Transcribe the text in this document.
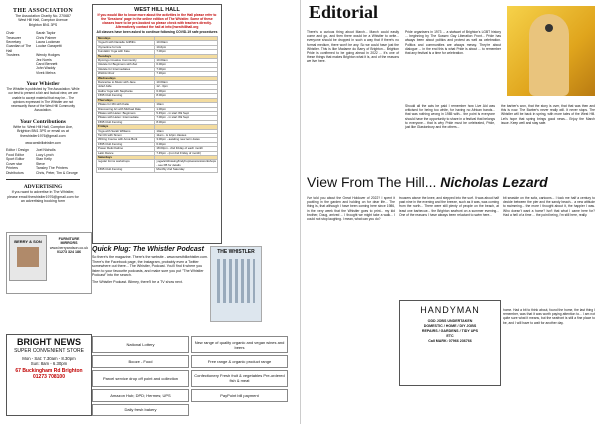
THE ASSOCIATION
The Association Charity No. 270687
West Hill Hall, Compton Avenue
Brighton BN1 3PS
Chair	Sarah Taylor
Treasurer	Chris Palmer
Secretary	Laura Lockman
Guardian of The Hall
Louise Garapetti
Trustees	Wendy Hodges
Jez Norris
Carol Bennett
John Waddy
Vivek Mehra
Your Whistler
The Whistler is published by The Association. While our best to present a fair and factual view, we are unable to accept material that may be... The opinions expressed in The Whistler are not necessarily those of the West Hill Community Association.
Your Contributions
Write to: West Hill Hall, Compton Ave, Brighton BN1 3PS or email us at thewhistler1976@gmail.com
www.westhillwhistler.com
Editor / Design	Joel Nicholls
Food Editor	Lucy Lynch
Sport Editor	Stan Kelly
Cover star	Steve
Printers	Tansley The Printers
Distributors	Chris, Peter, Tim & George
ADVERTISING
If you want to advertise in The Whistler, please email thewhistler1976@gmail.com for an advertising booking form
WEST HILL HALL
If you would like to know more about the activities in the Hall please refer to the 'Sessions' page in the online edition of The Whistler. Some of these classes have to be pre-booked so please check with teachers directly. Alternatively contact the hall at info@westhillhall.org
All classes have been asked to continue following COVID-19 safe procedures
Mondays	
Yoga-fit with Danielle Griffiths	10.00am
rhymetime for tots	10-6pm
Kundalini Yoga with Kate	7.00pm
Tuesdays	
Rpmingo Creative Community	10.00am
Ukulele for Beginners with Zac	6.00pm
Ukulele for Intermediates	7.00pm
WHCA Choir	7.30pm
Wednesdays	
Dancerise to Music with Jane	10.00am
Jolief Jolfe	12 - 3pm
Hatha Yoga with Stephanie	6.00pm
1595 Club Fencing	8.00pm
Thursdays	
Pilates for Mũ with Katie	10am
Discovering Art with Michael Dale	1.00pm
Pilates with Helen: Beginners	5.45pm - in start Wk Sept
Pilates with Helen: Intermediate	7.00pm - in start Wk Sept
1595 Club Fencing	8.00pm
Fridays	
Yoga with Sarah Williams	10am
Tai Chi with Simon	11am - & 12pm classes
Writing Course with Anna Burtt	3.00pm - awaiting new term dates
1595 Club Fencing	6.00pm
Power Reiki Kalimo	18.00pm - 2nd Friday of each month
Latin Dance	7.45pm - (not 2nd Friday of month)
Saturdays	
regular forms workshops	yoga/art/drawing/lindyhop/sessions/workshops - see FB for details
1595 Club Fencing	Monthly 2nd Saturday
BERRY & SON	FURNITURE
MIRRORS
www.berryandson.co.uk
01273 324 186	Quick Plug: The Whistler Podcast

So there's the magazine. There's the website - www.westhillwhistler.com. There's the Facebook page, the Instagram, probably even a Twitter somewhere out there... The Whistler, Podcast. You'll find it where you listen to your favourite podcasts, and make sure you put "The Whistler Podcast" into the search.

The Whistler Podcast. Blimey, there'll be a TV show next.

THE WHISTLER
BRIGHT NEWS
SUPER CONVENIENT STORE
Mon - Sat: 7.30am - 8.30pm
Sun: 8am - 6.30pm
67 Buckingham Rd Brighton
01273 708100
National Lottery	New range of quality organic and vegan wines and beers
Booze - Food	Free range & organic product range
Parcel service drop off point and collection	Confectionery Fresh fruit & vegetables Pre-ordered fish & meat
Amazon Hub; DPD; Hermes; UPS	PayPoint bill payment
Daily fresh bakery
Editorial
There's a curious thing about March... March could easily come and go, and then there would be a Whistler to write... everyone should be dropped in such a way that if there's no formal medium, there won't be any. So we could have just the Whistler. This is like Madame du Barry of Brighton... Brighton Pride is confirmed to be going ahead in 2022 ... it's one of these things that makes Brighton what it is, and of the reasons we live here.
Pride organisers in 1973 ... a stalwart of Brighton's LGBT history ... beginning by The Sussex Gay Liberation Front... Pride has always been about politics and protest as well as celebration. Politics and communities are always messy. They're about dialogue ... in the end this is what Pride is about ... to remember that any festival is a time for celebration.
Should all the acts be paid I remember how Live Aid was criticised for being too white, for having no African bands... that was nothing wrong in 1985 with... the point is everyone should have the opportunity to share in a festival that belongs to everyone... that is why Pride must be celebrated, Pride, just like Glastonbury and the others...
the barber's won, that the story is over, that that was then and this is now. The Barber's never really will. It never stops. The Whistler will be back in spring, with more tales of the West Hill. Let's hope that spring brings good news... Enjoy the March issue. Keep well and stay safe.
View From The Hill... Nicholas Lezard
I've told you about the Great Holdover of 2022? I spent it pootling in the garden and holding on for dear life... The thing is, that although I have been coming here since 1986, in the very week that the Whistler goes to print... my kid brother, Doug, arrived ... I thought we might take a walk... I could not stop laughing. I mean, what can you do?
trousers above the knee, and stepped into the surf. It was about half past nine in the evening and the breeze, such as it was, was coming from the north... There were still plenty of people on the beach, at least one barbecue... the Brighton seafront on a summer evening... One of the reasons I have always been reluctant to swim here...
bit seaside on the sofa, cartoons... I took me half a century to decide between the pier and the sandy beach... a new attitude to swimming... the more I thought about it, the happier I was. Who doesn't want a home? Isn't that what I came here for? Had a hell of a time ... the point being, I'm still here, really.
home. Had a bit to think about, found the home, the last thing I remember, was that it was worth paying attention to... I am not quite sure what it means, but the seafront is still a fine place to be, and I will have to wait for another day.
HANDYMAN
ODD JOBS UNDERTAKEN
DOMESTIC / HOME / DIY JOBS
REPAIRS / GARDENS / TIDY UPS
ETC
Call MARK: 07966 236766
